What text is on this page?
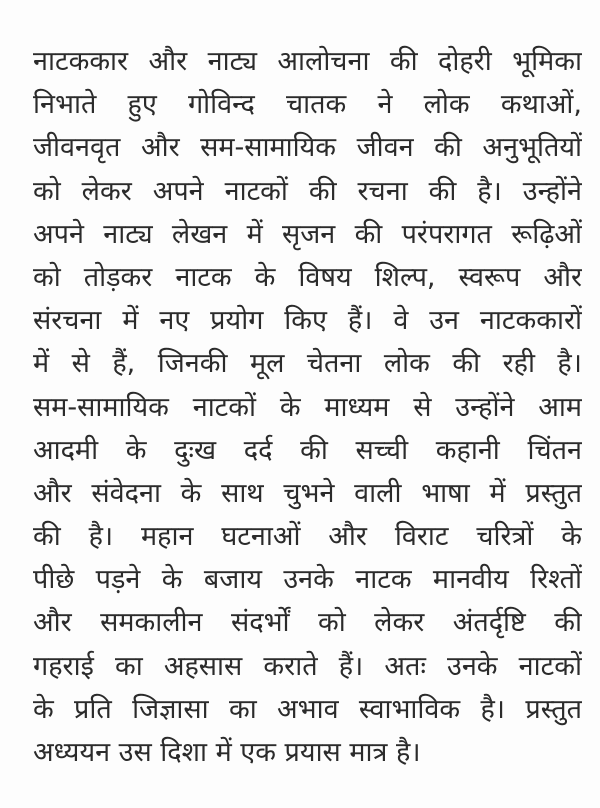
नाटककार और नाट्य आलोचना की दोहरी भूमिका
निभाते हुए गोविन्द चातक ने लोक कथाओं,
जीवनवृत और सम-सामायिक जीवन की अनुभूतियों
को लेकर अपने नाटकों की रचना की है। उन्होंने
अपने नाट्य लेखन में सृजन की परंपरागत रूढ़िओं
को तोड़कर नाटक के विषय शिल्प, स्वरूप और
संरचना में नए प्रयोग किए हैं। वे उन नाटककारों
में से हैं, जिनकी मूल चेतना लोक की रही है।
सम-सामायिक नाटकों के माध्यम से उन्होंने आम
आदमी के दुःख दर्द की सच्ची कहानी चिंतन
और संवेदना के साथ चुभने वाली भाषा में प्रस्तुत
की है। महान घटनाओं और विराट चरित्रों के
पीछे पड़ने के बजाय उनके नाटक मानवीय रिश्तों
और समकालीन संदर्भों को लेकर अंतर्दृष्टि की
गहराई का अहसास कराते हैं। अतः उनके नाटकों
के प्रति जिज्ञासा का अभाव स्वाभाविक है। प्रस्तुत
अध्ययन उस दिशा में एक प्रयास मात्र है।
